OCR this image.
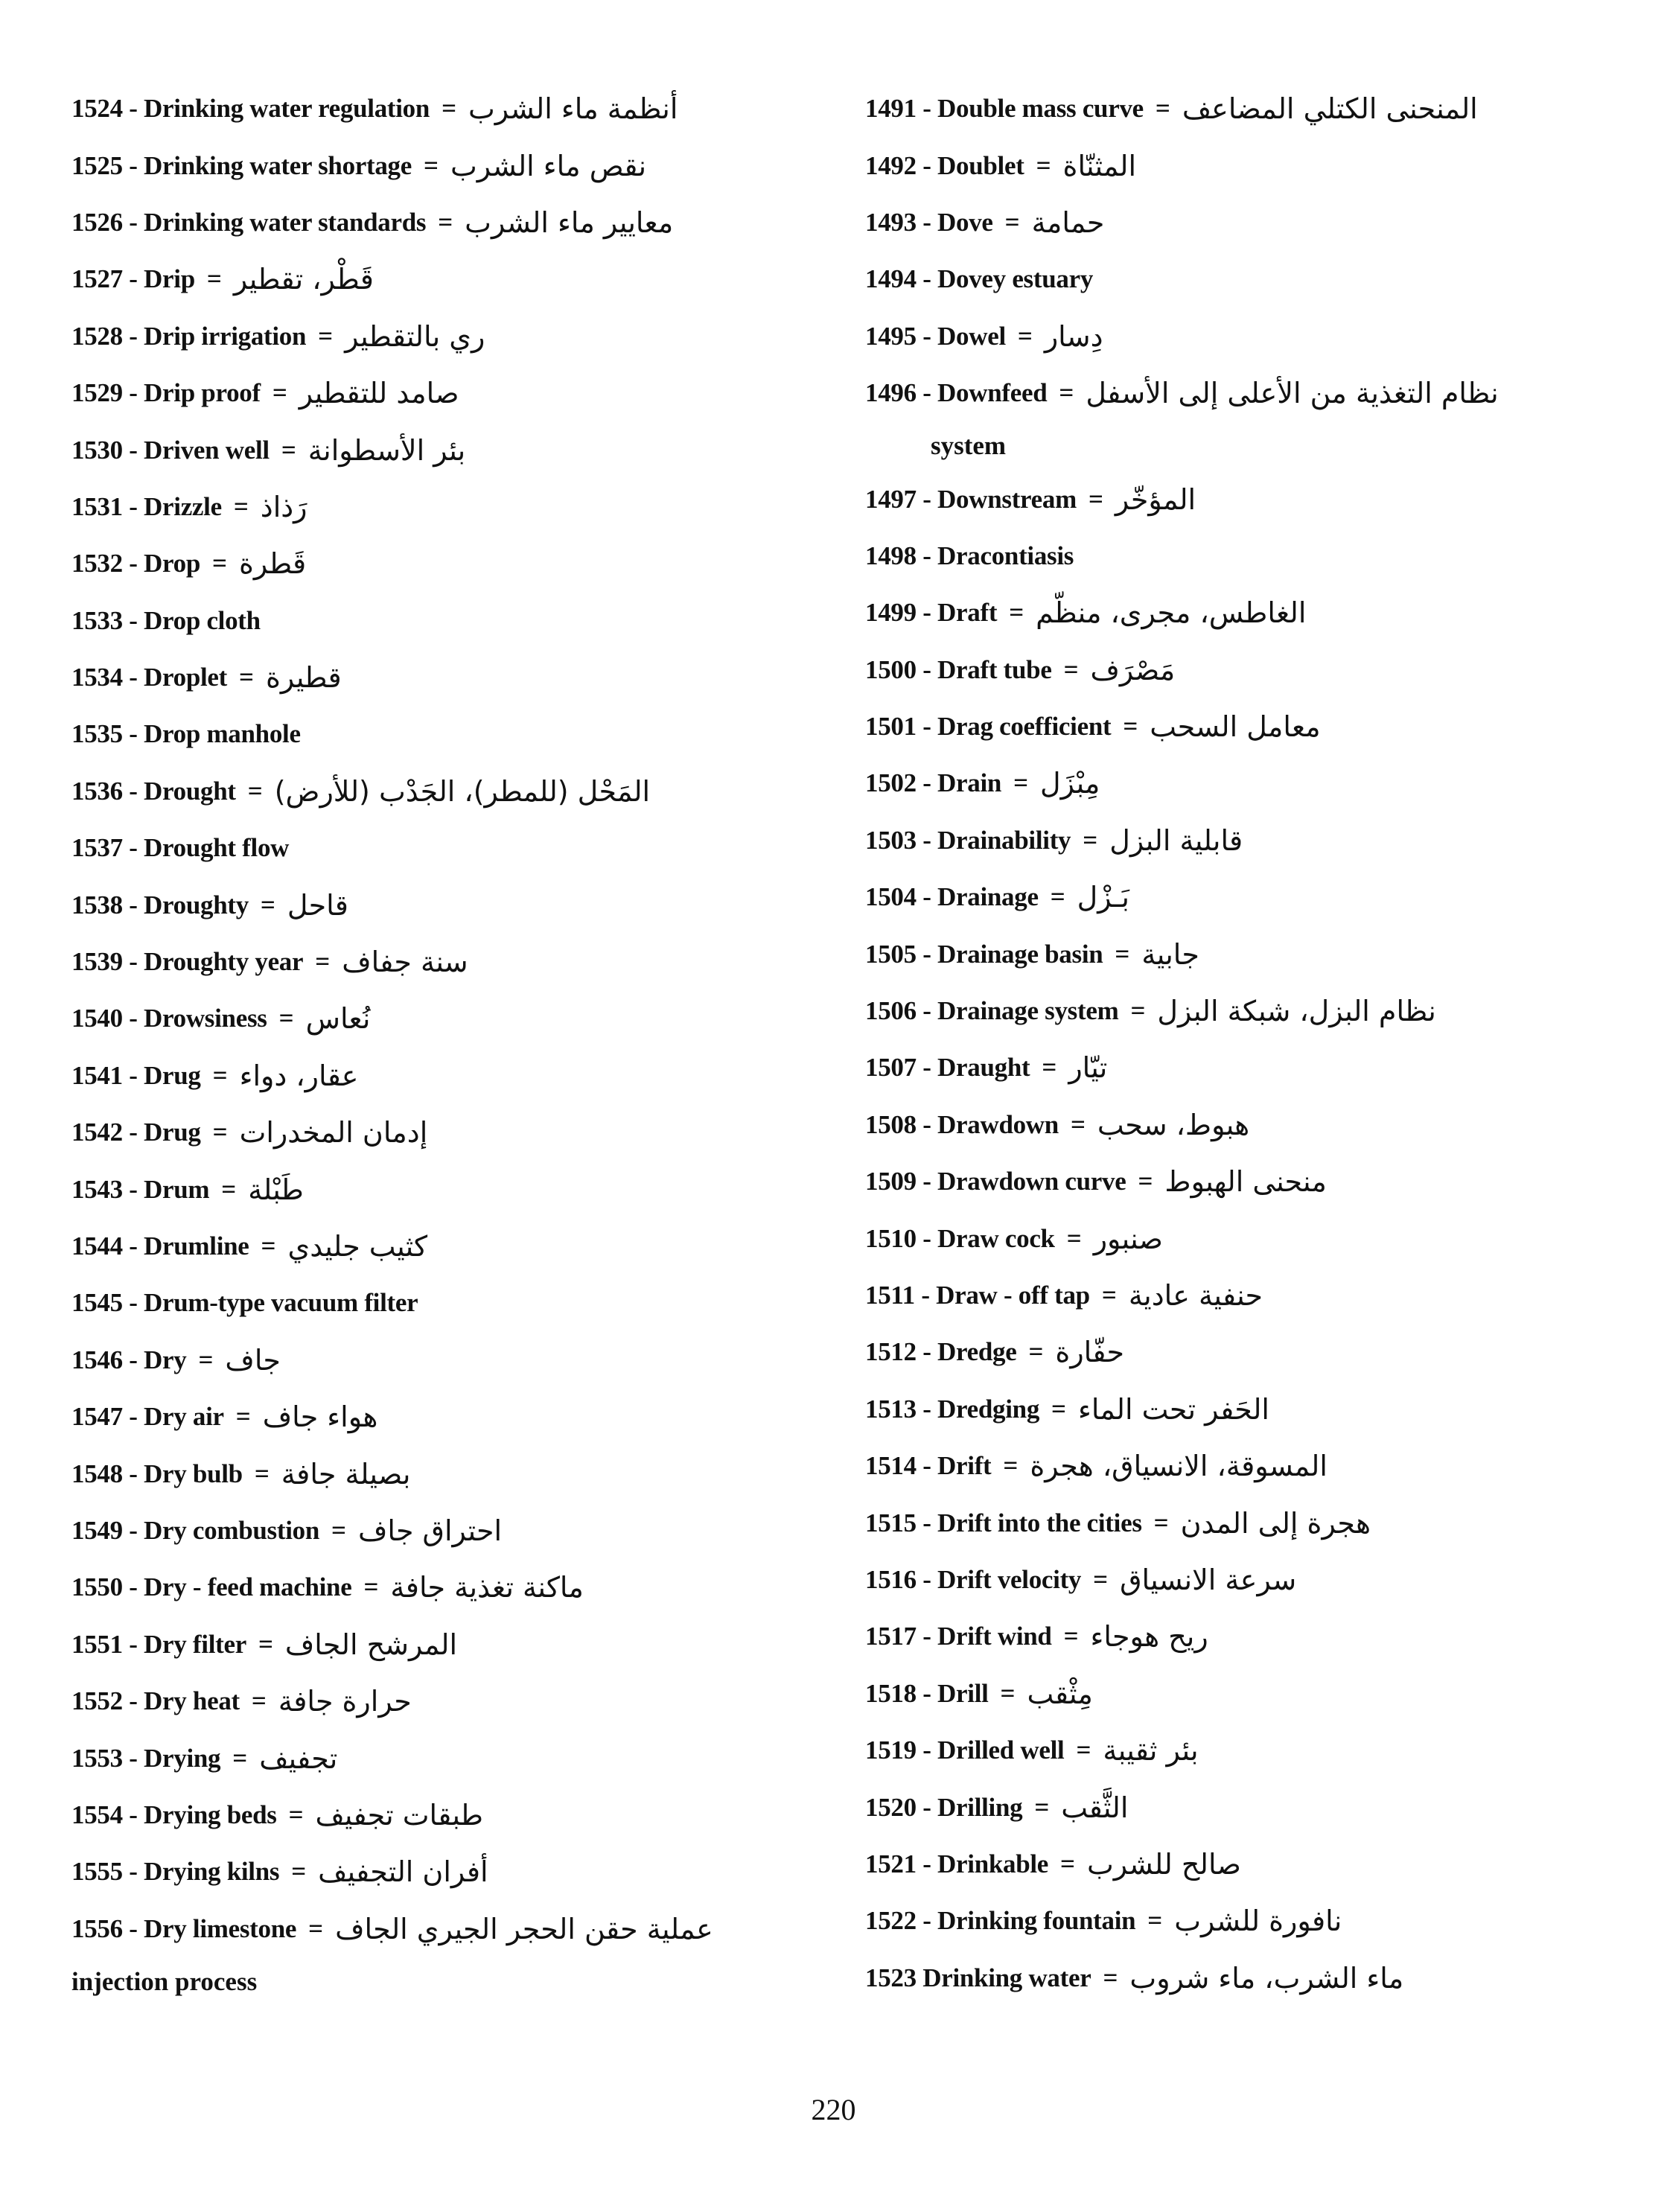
1524 - Drinking water regulation = أنظمة ماء الشرب
1525 - Drinking water shortage = نقص ماء الشرب
1526 - Drinking water standards = معايير ماء الشرب
1527 - Drip = قَطْر، تقطير
1528 - Drip irrigation = ري بالتقطير
1529 - Drip proof = صامد للتقطير
1530 - Driven well = بئر الأسطوانة
1531 - Drizzle = رَذاذ
1532 - Drop = قَطرة
1533 - Drop cloth
1534 - Droplet = قطيرة
1535 - Drop manhole
1536 - Drought = المَحْل (للمطر)، الجَدْب (للأرض)
1537 - Drought flow
1538 - Droughty = قاحل
1539 - Droughty year = سنة جفاف
1540 - Drowsiness = نُعاس
1541 - Drug = عقار، دواء
1542 - Drug = إدمان المخدرات
1543 - Drum = طَبْلة
1544 - Drumline = كثيب جليدي
1545 - Drum-type vacuum filter
1546 - Dry = جاف
1547 - Dry air = هواء جاف
1548 - Dry bulb = بصيلة جافة
1549 - Dry combustion = احتراق جاف
1550 - Dry - feed machine = ماكنة تغذية جافة
1551 - Dry filter = المرشح الجاف
1552 - Dry heat = حرارة جافة
1553 - Drying = تجفيف
1554 - Drying beds = طبقات تجفيف
1555 - Drying kilns = أفران التجفيف
1556 - Dry limestone = عملية حقن الحجر الجيري الجاف
injection process
1491 - Double mass curve = المنحنى الكتلي المضاعف
1492 - Doublet = المثنّاة
1493 - Dove = حمامة
1494 - Dovey estuary
1495 - Dowel = دِسار
1496 - Downfeed = نظام التغذية من الأعلى إلى الأسفل
system
1497 - Downstream = المؤخّر
1498 - Dracontiasis
1499 - Draft = الغاطس، مجرى، منظّم
1500 - Draft tube = مَصْرَف
1501 - Drag coefficient = معامل السحب
1502 - Drain = مِبْزَل
1503 - Drainability = قابلية البزل
1504 - Drainage = بَـزْل
1505 - Drainage basin = جابية
1506 - Drainage system = نظام البزل، شبكة البزل
1507 - Draught = تيّار
1508 - Drawdown = هبوط، سحب
1509 - Drawdown curve = منحنى الهبوط
1510 - Draw cock = صنبور
1511 - Draw - off tap = حنفية عادية
1512 - Dredge = حفّارة
1513 - Dredging = الحَفر تحت الماء
1514 - Drift = المسوقة، الانسياق، هجرة
1515 - Drift into the cities = هجرة إلى المدن
1516 - Drift velocity = سرعة الانسياق
1517 - Drift wind = ريح هوجاء
1518 - Drill = مِثْقب
1519 - Drilled well = بئر ثقيبة
1520 - Drilling = الثَّقب
1521 - Drinkable = صالح للشرب
1522 - Drinking fountain = نافورة للشرب
1523 Drinking water = ماء الشرب، ماء شروب
220
